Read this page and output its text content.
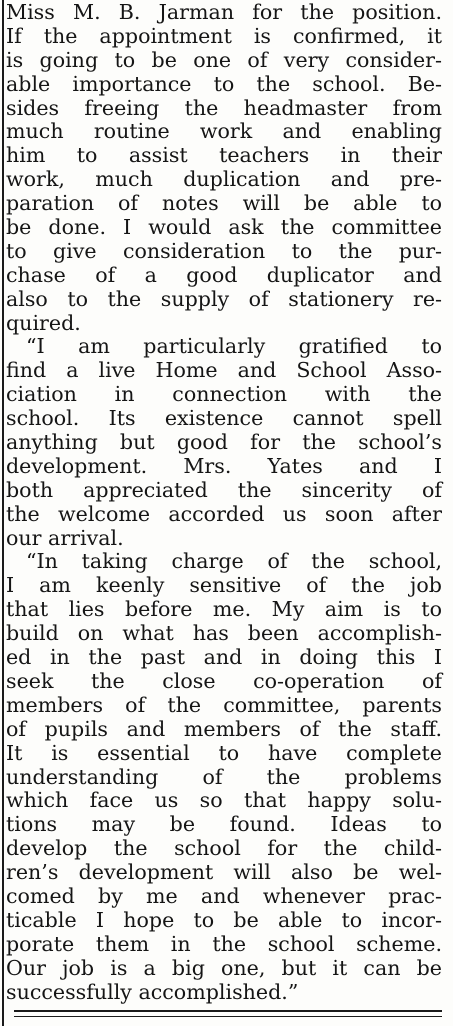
Miss M. B. Jarman for the position.
If the appointment is confirmed, it
is going to be one of very consider-
able importance to the school. Be-
sides freeing the headmaster from
much routine work and enabling
him to assist teachers in their
work, much duplication and pre-
paration of notes will be able to
be done. I would ask the committee
to give consideration to the pur-
chase of a good duplicator and
also to the supply of stationery re-
quired.
“I am particularly gratified to
find a live Home and School Asso-
ciation in connection with the
school. Its existence cannot spell
anything but good for the school’s
development. Mrs. Yates and I
both appreciated the sincerity of
the welcome accorded us soon after
our arrival.
“In taking charge of the school,
I am keenly sensitive of the job
that lies before me. My aim is to
build on what has been accomplish-
ed in the past and in doing this I
seek the close co-operation of
members of the committee, parents
of pupils and members of the staff.
It is essential to have complete
understanding of the problems
which face us so that happy solu-
tions may be found. Ideas to
develop the school for the child-
ren’s development will also be wel-
comed by me and whenever prac-
ticable I hope to be able to incor-
porate them in the school scheme.
Our job is a big one, but it can be
successfully accomplished.”
